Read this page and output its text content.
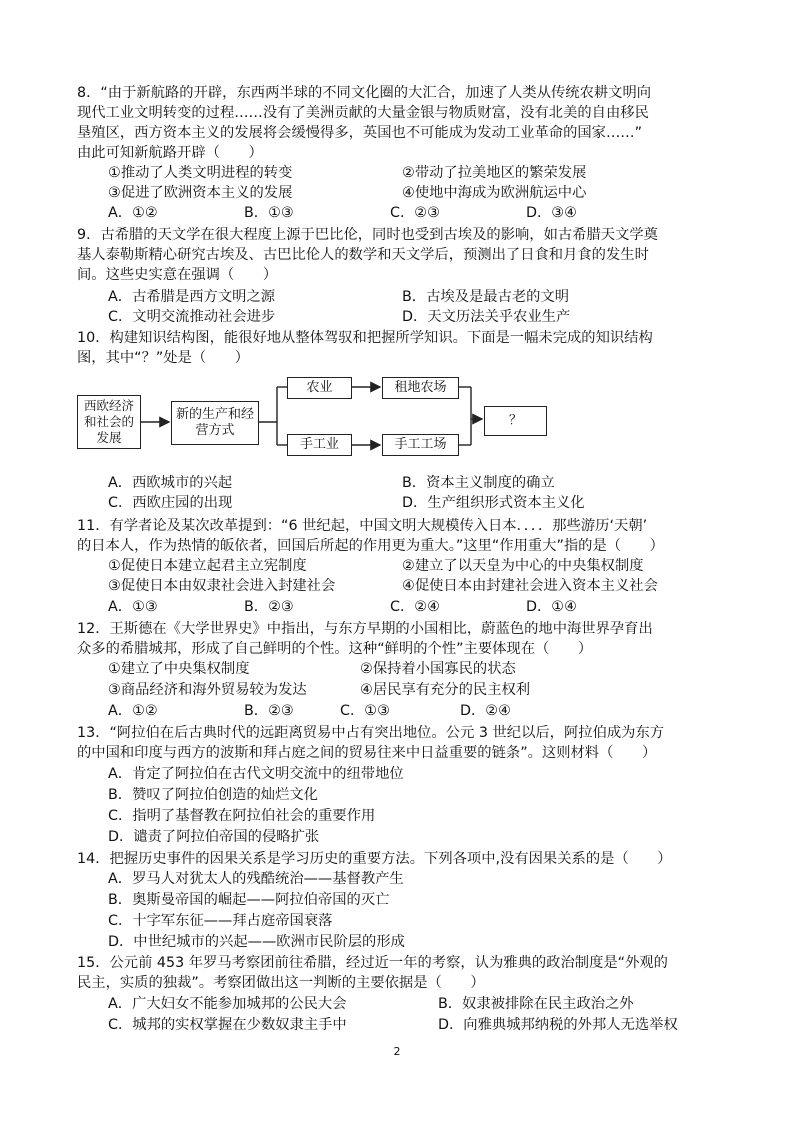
8．“由于新航路的开辟，东西两半球的不同文化圈的大汇合，加速了人类从传统农耕文明向
现代工业文明转变的过程……没有了美洲贡献的大量金银与物质财富，没有北美的自由移民
垦殖区，西方资本主义的发展将会缓慢得多，英国也不可能成为发动工业革命的国家……”
由此可知新航路开辟（　　）
①推动了人类文明进程的转变	②带动了拉美地区的繁荣发展
③促进了欧洲资本主义的发展	④使地中海成为欧洲航运中心
A．①②	B．①③	C．②③	D．③④
9．古希腊的天文学在很大程度上源于巴比伦，同时也受到古埃及的影响，如古希腊天文学奠
基人泰勒斯精心研究古埃及、古巴比伦人的数学和天文学后，预测出了日食和月食的发生时
间。这些史实意在强调（　　）
A．古希腊是西方文明之源	B．古埃及是最古老的文明
C．文明交流推动社会进步	D．天文历法关乎农业生产
10．构建知识结构图，能很好地从整体驾驭和把握所学知识。下面是一幅未完成的知识结构
图，其中“？”处是（　　）
西欧经济和社会的发展
新的生产和经营方式
农业	租地农场
手工业	手工工场
？
A．西欧城市的兴起	B．资本主义制度的确立
C．西欧庄园的出现	D．生产组织形式资本主义化
11．有学者论及某次改革提到：“6 世纪起，中国文明大规模传入日本．．．．那些游历‘天朝’
的日本人，作为热情的皈依者，回国后所起的作用更为重大。”这里“作用重大”指的是（　　）
①促使日本建立起君主立宪制度	②建立了以天皇为中心的中央集权制度
③促使日本由奴隶社会进入封建社会	④促使日本由封建社会进入资本主义社会
A．①③	B．②③	C．②④	D．①④
12．王斯德在《大学世界史》中指出，与东方早期的小国相比，蔚蓝色的地中海世界孕育出
众多的希腊城邦，形成了自己鲜明的个性。这种“鲜明的个性”主要体现在（　　）
①建立了中央集权制度	②保持着小国寡民的状态
③商品经济和海外贸易较为发达	④居民享有充分的民主权利
A．①②	B．②③	C．①③	D．②④
13．“阿拉伯在后古典时代的远距离贸易中占有突出地位。公元 3 世纪以后，阿拉伯成为东方
的中国和印度与西方的波斯和拜占庭之间的贸易往来中日益重要的链条”。这则材料（　　）
A．肯定了阿拉伯在古代文明交流中的纽带地位
B．赞叹了阿拉伯创造的灿烂文化
C．指明了基督教在阿拉伯社会的重要作用
D．谴责了阿拉伯帝国的侵略扩张
14．把握历史事件的因果关系是学习历史的重要方法。下列各项中,没有因果关系的是（　　）
A．罗马人对犹太人的残酷统治——基督教产生
B．奥斯曼帝国的崛起——阿拉伯帝国的灭亡
C．十字军东征——拜占庭帝国衰落
D．中世纪城市的兴起——欧洲市民阶层的形成
15．公元前 453 年罗马考察团前往希腊，经过近一年的考察，认为雅典的政治制度是“外观的
民主，实质的独裁”。考察团做出这一判断的主要依据是（　　）
A．广大妇女不能参加城邦的公民大会	B．奴隶被排除在民主政治之外
C．城邦的实权掌握在少数奴隶主手中	D．向雅典城邦纳税的外邦人无选举权
2
